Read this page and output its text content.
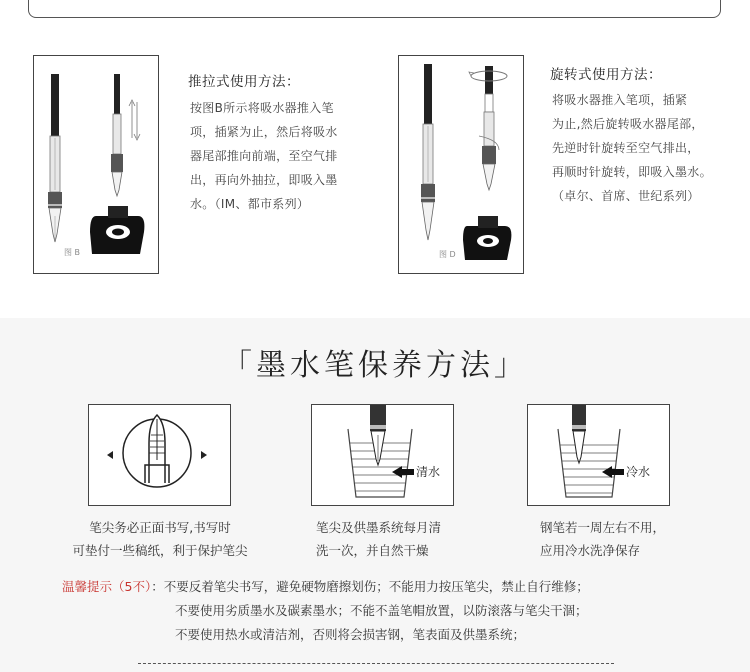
图 B
推拉式使用方法：
按图B所示将吸水器推入笔
项，插紧为止，然后将吸水
器尾部推向前端，至空气排
出，再向外抽拉，即吸入墨
水。（IM、都市系列）
图 D
旋转式使用方法：
将吸水器推入笔项，插紧
为止,然后旋转吸水器尾部，
先逆时针旋转至空气排出，
再顺时针旋转，即吸入墨水。
（卓尔、首席、世纪系列）
「墨水笔保养方法」
笔尖务必正面书写,书写时
可垫付一些稿纸，利于保护笔尖
清水
笔尖及供墨系统每月清
洗一次，并自然干燥
冷水
钢笔若一周左右不用，
应用冷水洗净保存
温馨提示（5不）：不要反着笔尖书写，避免硬物磨擦划伤；不能用力按压笔尖，禁止自行维修；
不要使用劣质墨水及碳素墨水；不能不盖笔帽放置，以防滚落与笔尖干涸；
不要使用热水或清洁剂，否则将会损害钢，笔表面及供墨系统；
